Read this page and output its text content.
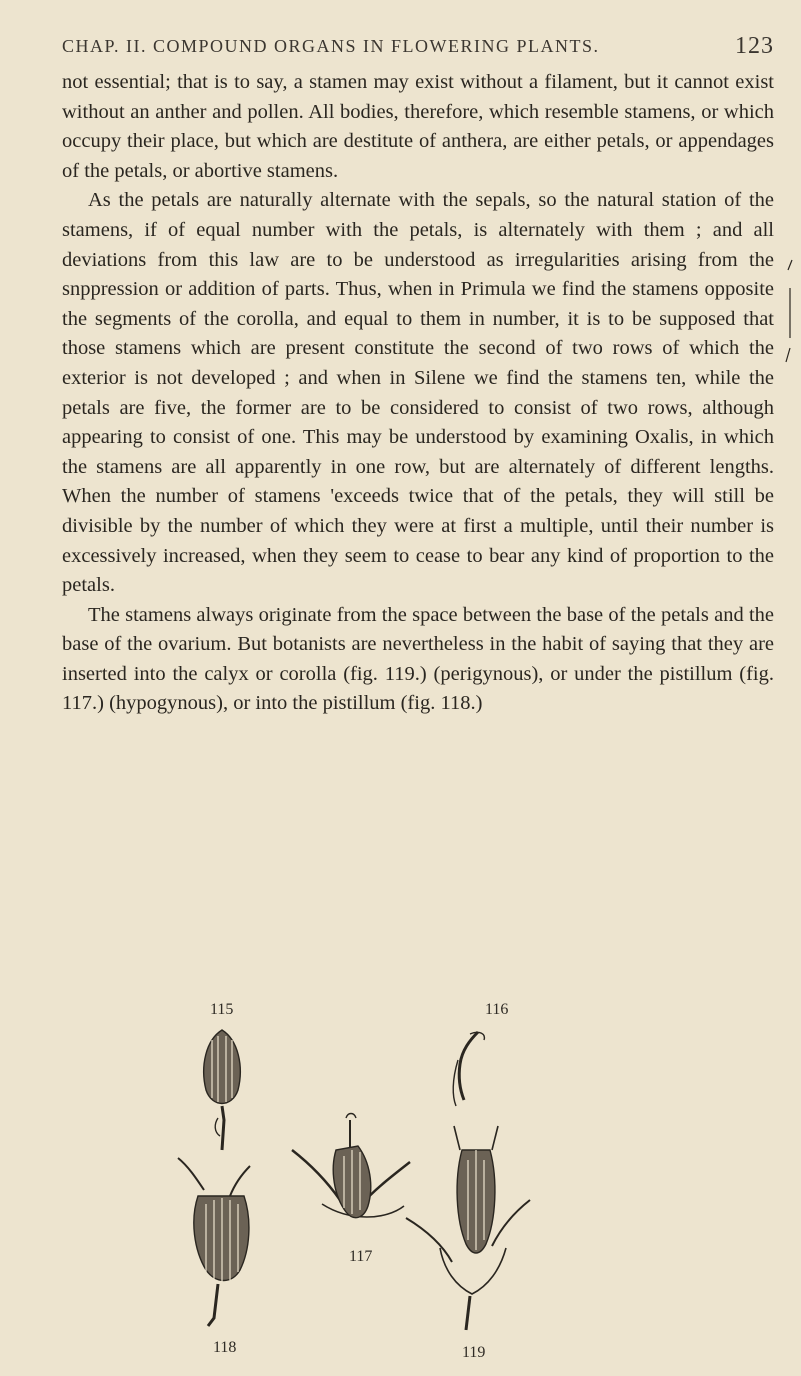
CHAP. II. COMPOUND ORGANS IN FLOWERING PLANTS.	123

not essential; that is to say, a stamen may exist without a filament, but it cannot exist without an anther and pollen. All bodies, therefore, which resemble stamens, or which occupy their place, but which are destitute of anthera, are either petals, or appendages of the petals, or abortive stamens.

As the petals are naturally alternate with the sepals, so the natural station of the stamens, if of equal number with the petals, is alternately with them ; and all deviations from this law are to be understood as irregularities arising from the snppression or addition of parts. Thus, when in Primula we find the stamens opposite the segments of the corolla, and equal to them in number, it is to be supposed that those stamens which are present constitute the second of two rows of which the exterior is not developed ; and when in Silene we find the stamens ten, while the petals are five, the former are to be considered to consist of two rows, although appearing to consist of one. This may be understood by examining Oxalis, in which the stamens are all apparently in one row, but are alternately of different lengths. When the number of stamens 'exceeds twice that of the petals, they will still be divisible by the number of which they were at first a multiple, until their number is excessively increased, when they seem to cease to bear any kind of proportion to the petals.

The stamens always originate from the space between the base of the petals and the base of the ovarium. But botanists are nevertheless in the habit of saying that they are inserted into the calyx or corolla (fig. 119.) (perigynous), or under the pistillum (fig. 117.) (hypogynous), or into the pistillum (fig. 118.)

115	116
117
118	119
